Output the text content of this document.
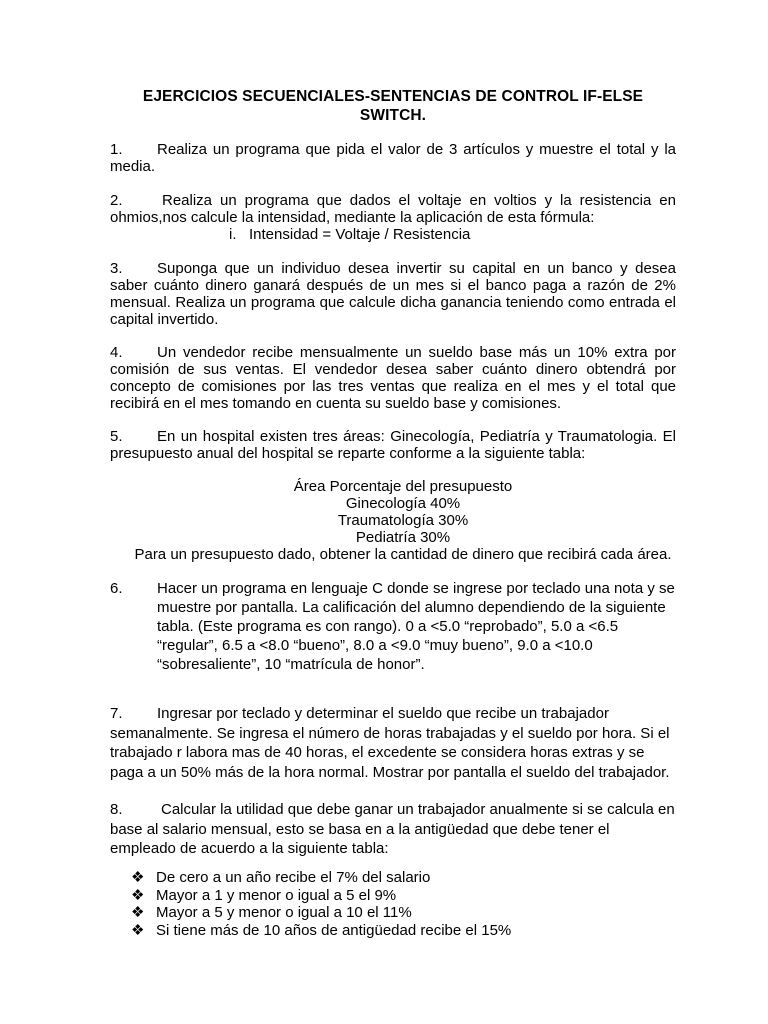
EJERCICIOS SECUENCIALES-SENTENCIAS DE CONTROL IF-ELSE SWITCH.
1. Realiza un programa que pida el valor de 3 artículos y muestre el total y la media.
2.	Realiza un programa que dados el voltaje en voltios y la resistencia en ohmios,nos calcule la intensidad, mediante la aplicación de esta fórmula:
i.   Intensidad = Voltaje / Resistencia
3. Suponga que un individuo desea invertir su capital en un banco y desea saber cuánto dinero ganará después de un mes si el banco paga a razón de 2% mensual. Realiza un programa que calcule dicha ganancia teniendo como entrada el capital invertido.
4. Un vendedor recibe mensualmente un sueldo base más un 10% extra por comisión de sus ventas. El vendedor desea saber cuánto dinero obtendrá por concepto de comisiones por las tres ventas que realiza en el mes y el total que recibirá en el mes tomando en cuenta su sueldo base y comisiones.
5. En un hospital existen tres áreas: Ginecología, Pediatría y Traumatologia. El presupuesto anual del hospital se reparte conforme a la siguiente tabla:
Área Porcentaje del presupuesto
Ginecología 40%
Traumatología 30%
Pediatría 30%
Para un presupuesto dado, obtener la cantidad de dinero que recibirá cada área.
6. Hacer un programa en lenguaje C donde se ingrese por teclado una nota y se muestre por pantalla. La calificación del alumno dependiendo de la siguiente tabla. (Este programa es con rango). 0 a <5.0 “reprobado”, 5.0 a <6.5 “regular”, 6.5 a <8.0 “bueno”, 8.0 a <9.0 “muy bueno”, 9.0 a <10.0 “sobresaliente”, 10 “matrícula de honor”.
7. Ingresar por teclado y determinar el sueldo que recibe un trabajador semanalmente. Se ingresa el número de horas trabajadas y el sueldo por hora. Si el trabajado r labora mas de 40 horas, el excedente se considera horas extras y se paga a un 50% más de la hora normal. Mostrar por pantalla el sueldo del trabajador.
8.	Calcular la utilidad que debe ganar un trabajador anualmente si se calcula en base al salario mensual, esto se basa en a la antigüedad que debe tener el empleado de acuerdo a la siguiente tabla:
❖ De cero a un año recibe el 7% del salario
❖ Mayor a 1 y menor o igual a 5 el 9%
❖ Mayor a 5 y menor o igual a 10 el 11%
❖ Si tiene más de 10 años de antigüedad recibe el 15%
